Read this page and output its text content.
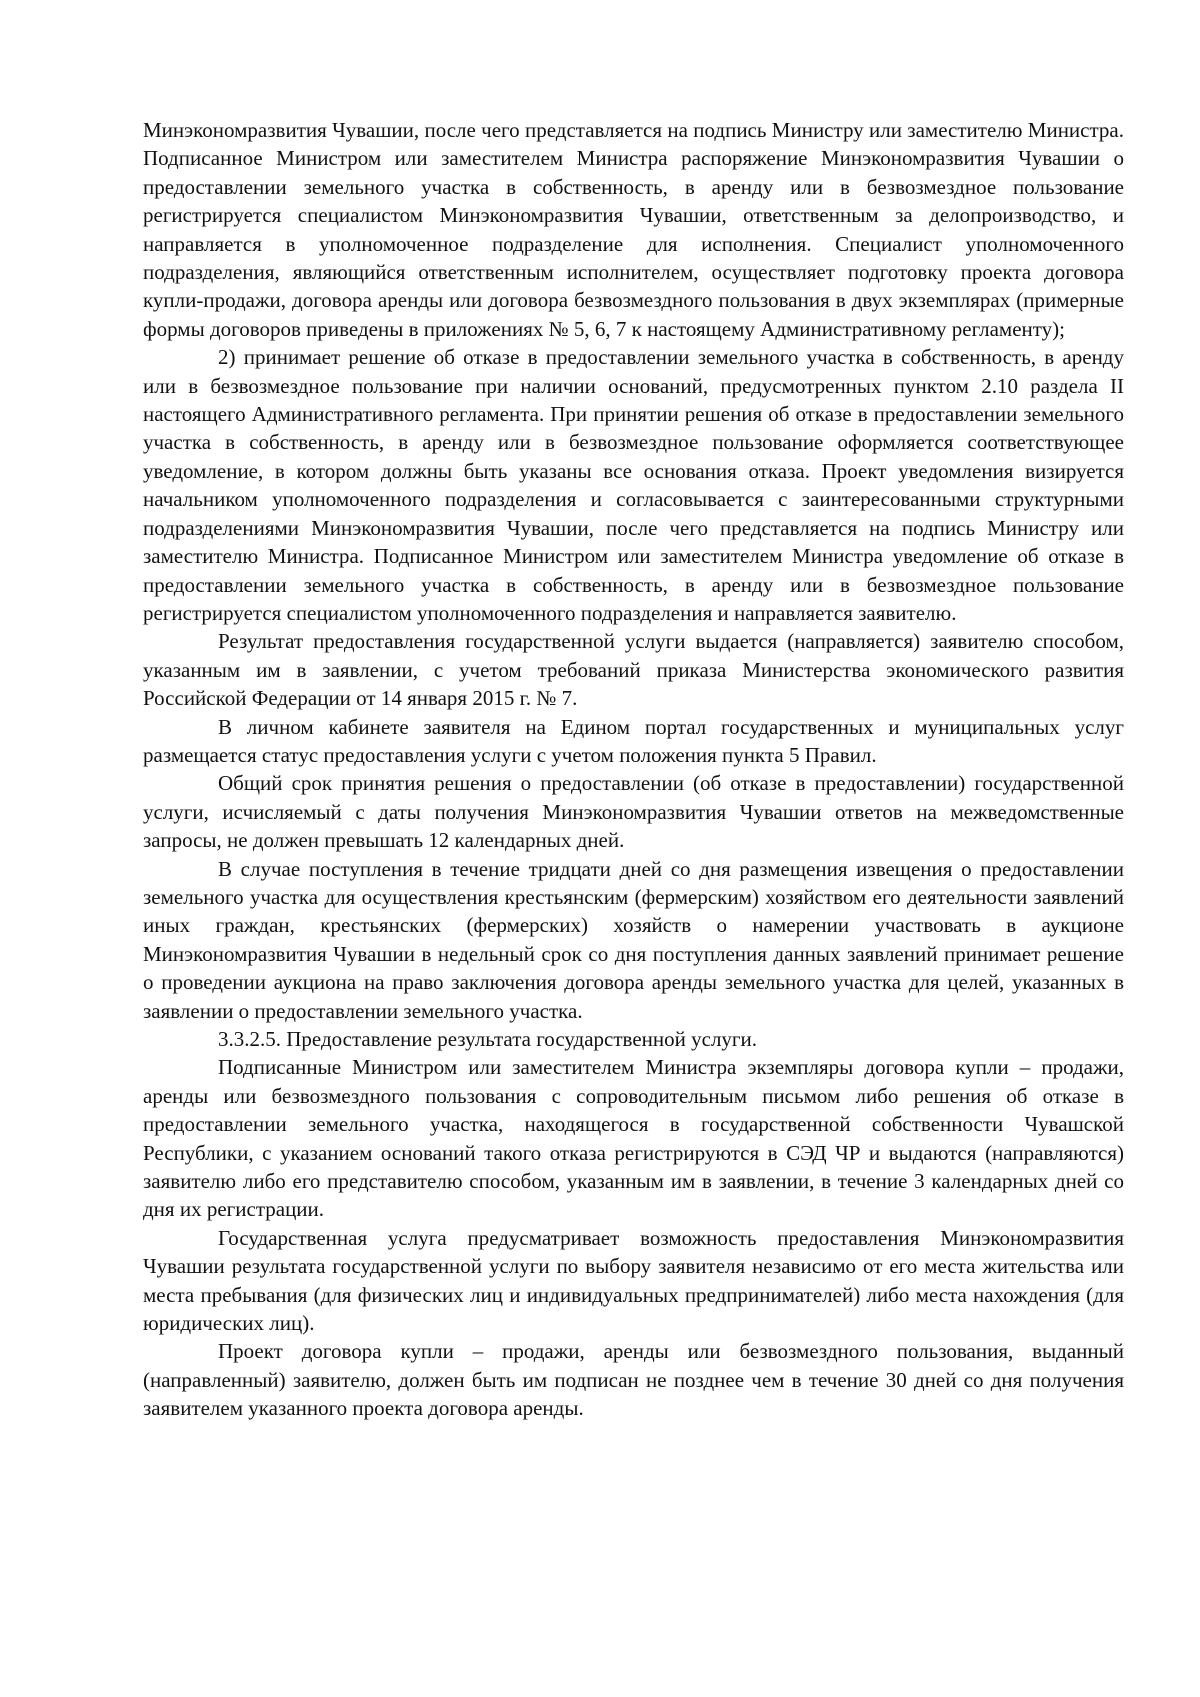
Минэкономразвития Чувашии, после чего представляется на подпись Министру или заместителю Министра. Подписанное Министром или заместителем Министра распоряжение Минэкономразвития Чувашии о предоставлении земельного участка в собственность, в аренду или в безвозмездное пользование регистрируется специалистом Минэкономразвития Чувашии, ответственным за делопроизводство, и направляется в уполномоченное подразделение для исполнения. Специалист уполномоченного подразделения, являющийся ответственным исполнителем, осуществляет подготовку проекта договора купли-продажи, договора аренды или договора безвозмездного пользования в двух экземплярах (примерные формы договоров приведены в приложениях № 5, 6, 7 к настоящему Административному регламенту);

2) принимает решение об отказе в предоставлении земельного участка в собственность, в аренду или в безвозмездное пользование при наличии оснований, предусмотренных пунктом 2.10 раздела II настоящего Административного регламента. При принятии решения об отказе в предоставлении земельного участка в собственность, в аренду или в безвозмездное пользование оформляется соответствующее уведомление, в котором должны быть указаны все основания отказа. Проект уведомления визируется начальником уполномоченного подразделения и согласовывается с заинтересованными структурными подразделениями Минэкономразвития Чувашии, после чего представляется на подпись Министру или заместителю Министра. Подписанное Министром или заместителем Министра уведомление об отказе в предоставлении земельного участка в собственность, в аренду или в безвозмездное пользование регистрируется специалистом уполномоченного подразделения и направляется заявителю.

Результат предоставления государственной услуги выдается (направляется) заявителю способом, указанным им в заявлении, с учетом требований приказа Министерства экономического развития Российской Федерации от 14 января 2015 г. № 7.

В личном кабинете заявителя на Едином портал государственных и муниципальных услуг размещается статус предоставления услуги с учетом положения пункта 5 Правил.

Общий срок принятия решения о предоставлении (об отказе в предоставлении) государственной услуги, исчисляемый с даты получения Минэкономразвития Чувашии ответов на межведомственные запросы, не должен превышать 12 календарных дней.

В случае поступления в течение тридцати дней со дня размещения извещения о предоставлении земельного участка для осуществления крестьянским (фермерским) хозяйством его деятельности заявлений иных граждан, крестьянских (фермерских) хозяйств о намерении участвовать в аукционе Минэкономразвития Чувашии в недельный срок со дня поступления данных заявлений принимает решение о проведении аукциона на право заключения договора аренды земельного участка для целей, указанных в заявлении о предоставлении земельного участка.

3.3.2.5. Предоставление результата государственной услуги.

Подписанные Министром или заместителем Министра экземпляры договора купли – продажи, аренды или безвозмездного пользования с сопроводительным письмом либо решения об отказе в предоставлении земельного участка, находящегося в государственной собственности Чувашской Республики, с указанием оснований такого отказа регистрируются в СЭД ЧР и выдаются (направляются) заявителю либо его представителю способом, указанным им в заявлении, в течение 3 календарных дней со дня их регистрации.

Государственная услуга предусматривает возможность предоставления Минэкономразвития Чувашии результата государственной услуги по выбору заявителя независимо от его места жительства или места пребывания (для физических лиц и индивидуальных предпринимателей) либо места нахождения (для юридических лиц).

Проект договора купли – продажи, аренды или безвозмездного пользования, выданный (направленный) заявителю, должен быть им подписан не позднее чем в течение 30 дней со дня получения заявителем указанного проекта договора аренды.
